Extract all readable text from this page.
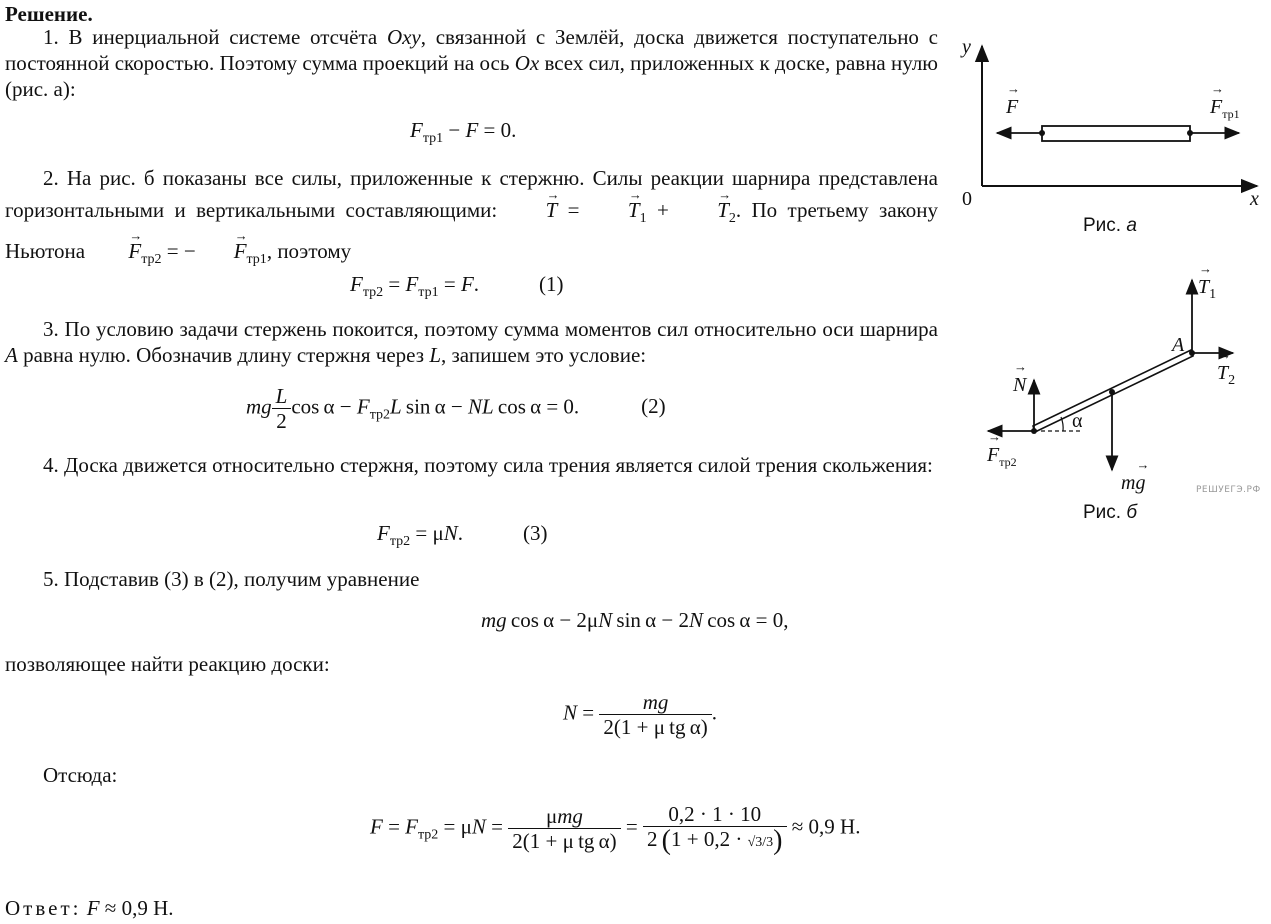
Решение.
1. В инерциальной системе отсчёта Oxy, связанной с Землёй, доска движется поступательно с постоянной скоростью. Поэтому сумма проекций на ось Ox всех сил, приложенных к доске, равна нулю (рис. а):
$F_{тр1} - F = 0$.
2. На рис. б показаны все силы, приложенные к стержню. Силы реакции шарнира представлена горизонтальными и вертикальными составляющими: → T = → $T_1$ + → $T_2$. По третьему закону Ньютона → $F_{тр2}$ = − → $F_{тр1}$, поэтому
$F_{тр2} = F_{тр1} = F$.	(1)
3. По условию задачи стержень покоится, поэтому сумма моментов сил относительно оси шарнира A равна нулю. Обозначив длину стержня через L, запишем это условие:
mg $\frac{L}{2}$ $\cos \alpha - F_{тр2}L$ sin α − NL cos α = 0.	(2)
4. Доска движется относительно стержня, поэтому сила трения является силой трения скольжения:
$F_{тр2} = \mu N$.	(3)
5. Подставив (3) в (2), получим уравнение
mg cos α − 2μN sin α − 2N cos α = 0,
позволяющее найти реакцию доски:
$N = \frac{mg}{\text{2(1 + μ tg α)}}$ .
Отсюда:
$F = F_{тр2} = \mu N = \frac{\text{μmg}}{\text{2(1 + μ tg α)}} = \frac{0,2 \cdot 1 \cdot 10}{2 (1 + 0,2 \cdot √3/3)} \approx 0,9$ Н.
Ответ: F ≈ 0,9 Н.
y
x
0
→ F	→ $F_{тр1}$
Рис. а
→ $T_1$
A
→ $T_2$
→ N
α
→ $F_{тр2}$
m→ g	РЕШУЕГЭ.РФ
Рис. б
